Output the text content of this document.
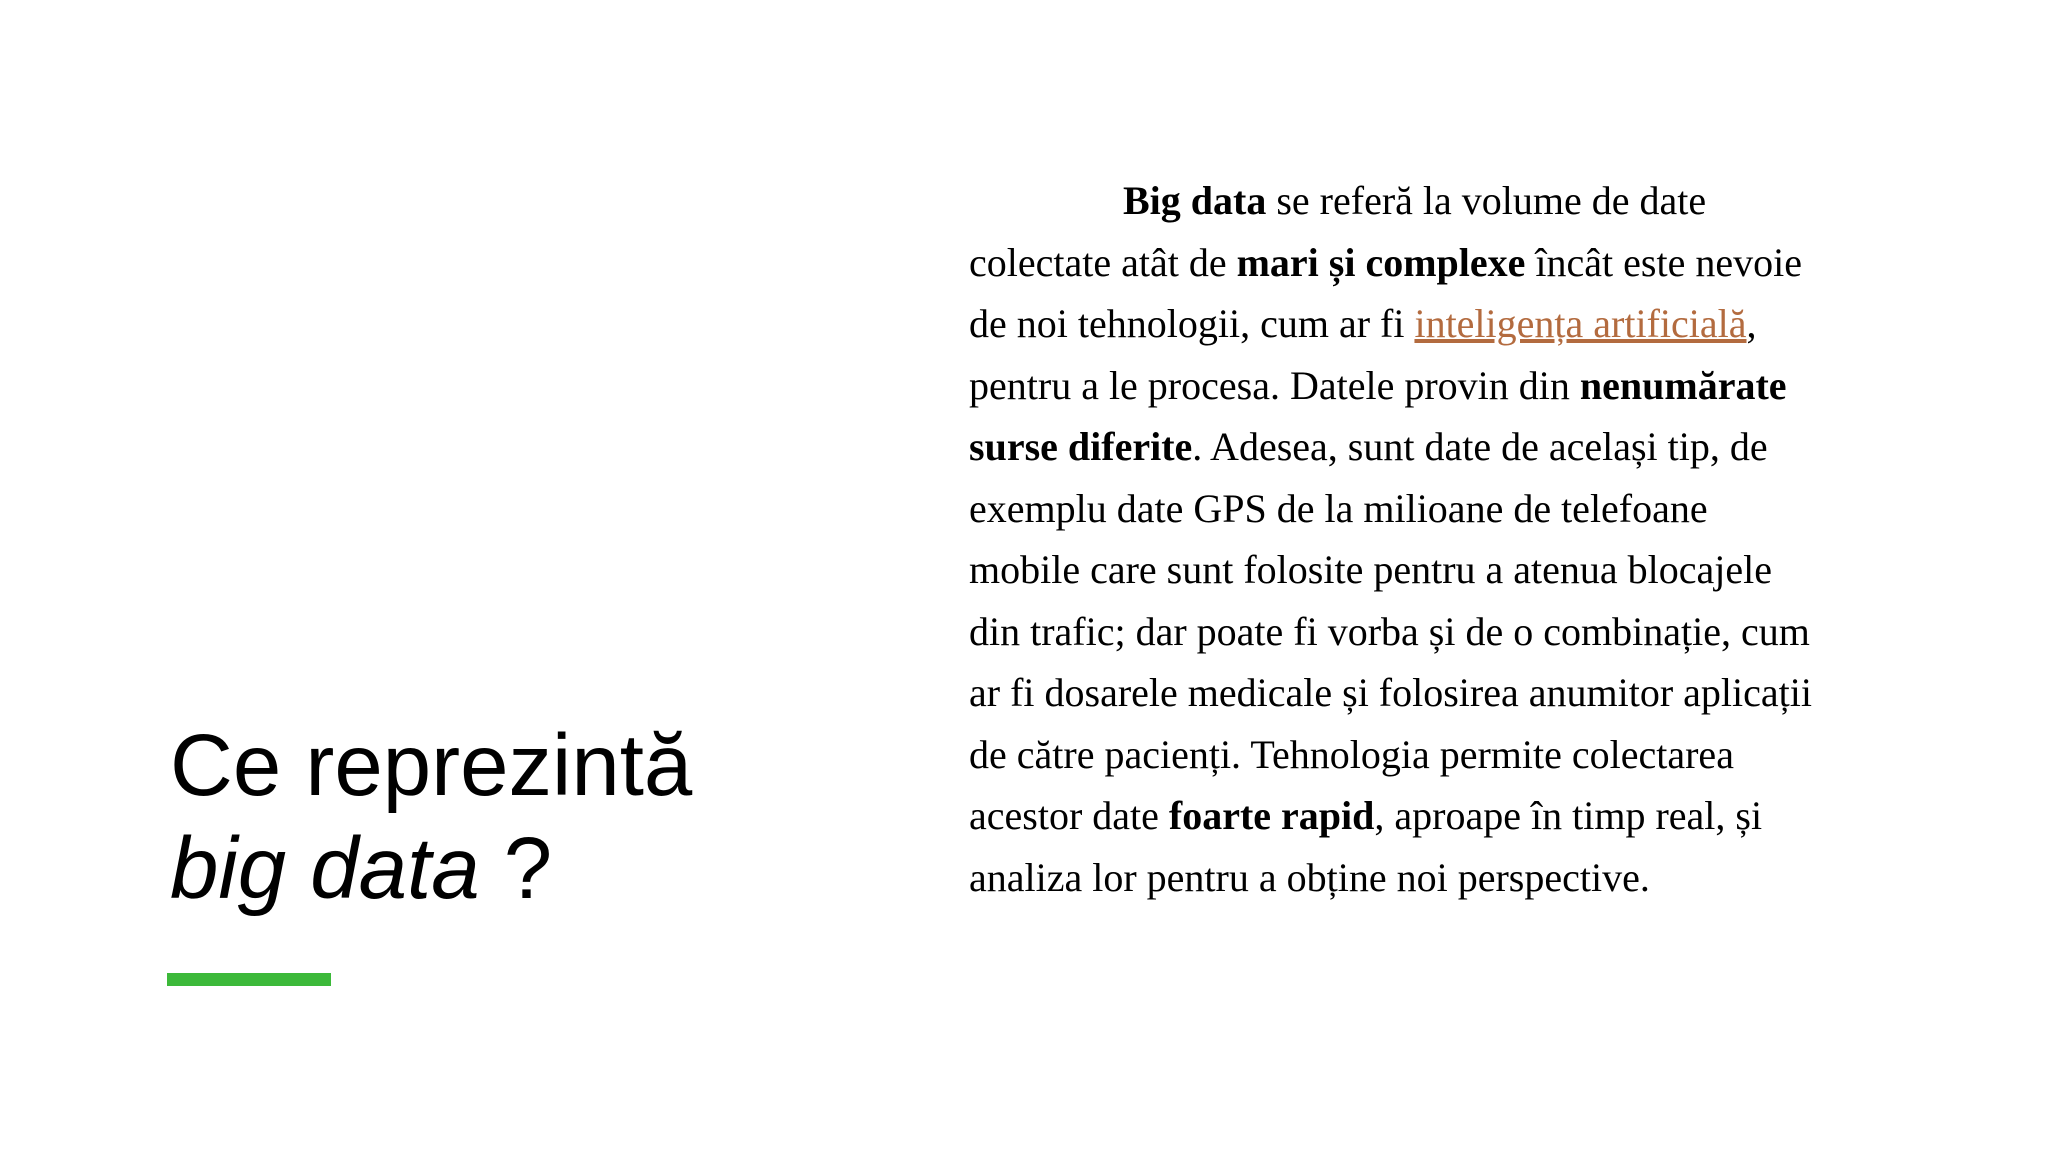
Ce reprezintă
big data ?
Big data se referă la volume de date
colectate atât de mari și complexe încât este nevoie
de noi tehnologii, cum ar fi inteligența artificială,
pentru a le procesa. Datele provin din nenumărate
surse diferite. Adesea, sunt date de același tip, de
exemplu date GPS de la milioane de telefoane
mobile care sunt folosite pentru a atenua blocajele
din trafic; dar poate fi vorba și de o combinație, cum
ar fi dosarele medicale și folosirea anumitor aplicații
de către pacienți. Tehnologia permite colectarea
acestor date foarte rapid, aproape în timp real, și
analiza lor pentru a obține noi perspective.
